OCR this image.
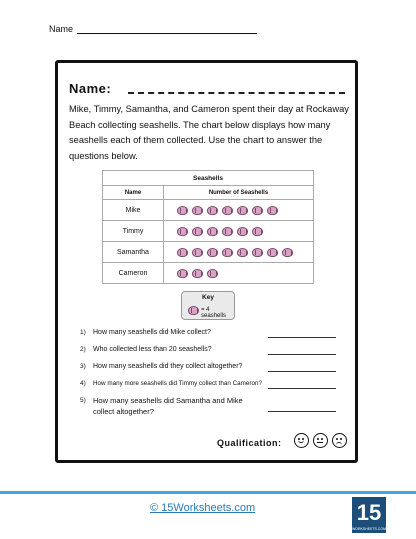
Name
Name:
Mike, Timmy, Samantha, and Cameron spent their day at Rockaway Beach collecting seashells. The chart below displays how many seashells each of them collected. Use the chart to answer the questions below.
Seashells	
Name	Number of Seashells
Mike	
Timmy	
Samantha	
Cameron	
Key
= 4 seashells
1) How many seashells did Mike collect?
2) Who collected less than 20 seashells?
3) How many seashells did they collect altogether?
4) How many more seashells did Timmy collect than Cameron?
5) How many seashells did Samantha and Mike
collect altogether?
Qualification:
© 15Worksheets.com	15
WORKSHEETS.COM
